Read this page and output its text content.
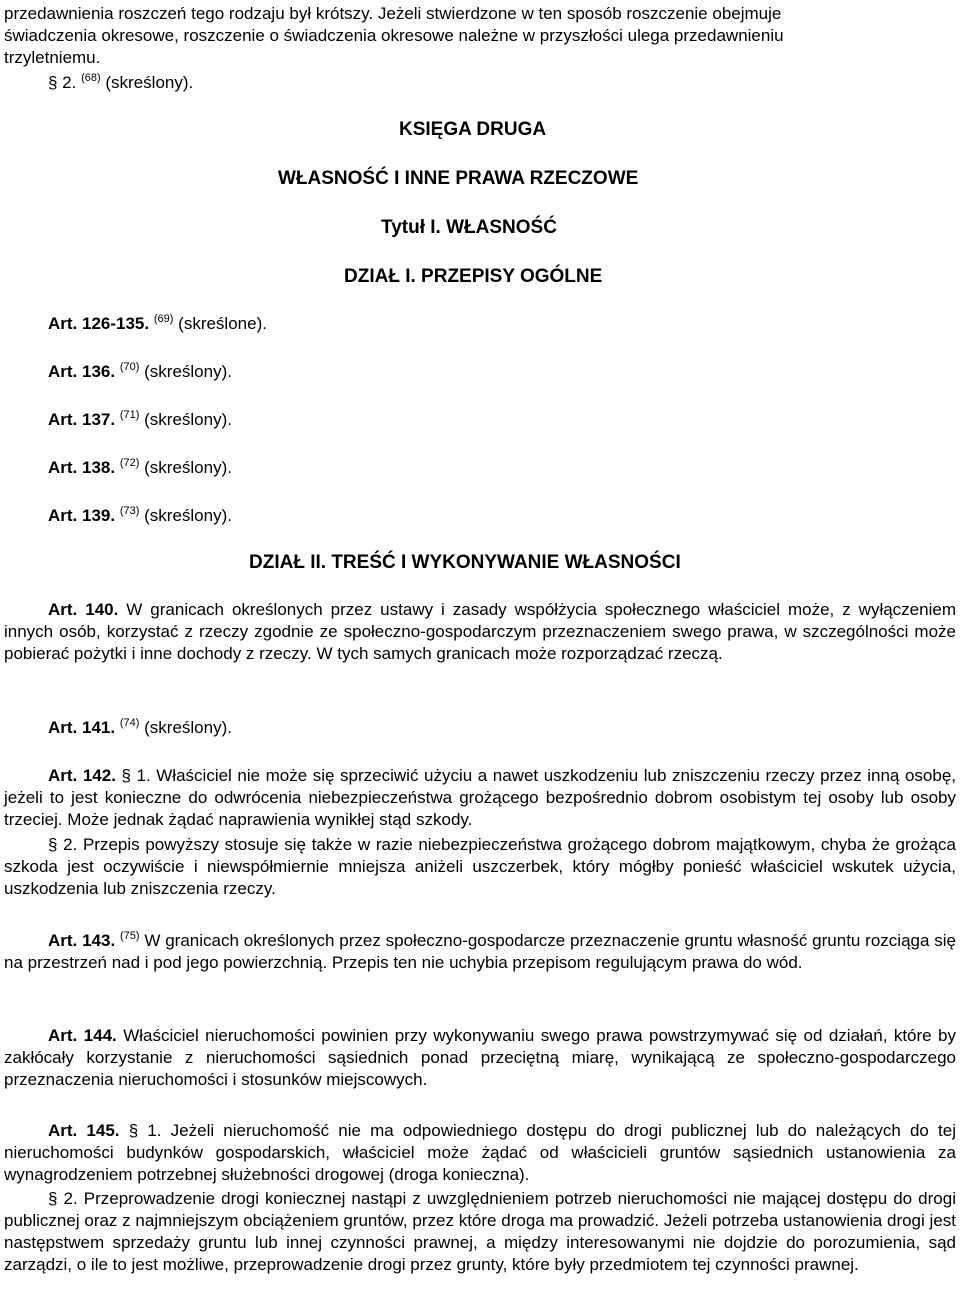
przedawnienia roszczeń tego rodzaju był krótszy. Jeżeli stwierdzone w ten sposób roszczenie obejmuje
świadczenia okresowe, roszczenie o świadczenia okresowe należne w przyszłości ulega przedawnieniu
trzyletniemu.
§ 2. $^{(68)}$ (skreślony).
KSIĘGA DRUGA
WŁASNOŚĆ I INNE PRAWA RZECZOWE
Tytuł I. WŁASNOŚĆ
DZIAŁ I. PRZEPISY OGÓLNE
Art. 126-135. $^{(69)}$ (skreślone).
Art. 136. $^{(70)}$ (skreślony).
Art. 137. $^{(71)}$ (skreślony).
Art. 138. $^{(72)}$ (skreślony).
Art. 139. $^{(73)}$ (skreślony).
DZIAŁ II. TREŚĆ I WYKONYWANIE WŁASNOŚCI
Art. 140. W granicach określonych przez ustawy i zasady współżycia społecznego właściciel może, z wyłączeniem innych osób, korzystać z rzeczy zgodnie ze społeczno-gospodarczym przeznaczeniem swego prawa, w szczególności może pobierać pożytki i inne dochody z rzeczy. W tych samych granicach może rozporządzać rzeczą.
Art. 141. $^{(74)}$ (skreślony).
Art. 142. § 1. Właściciel nie może się sprzeciwić użyciu a nawet uszkodzeniu lub zniszczeniu rzeczy przez inną osobę, jeżeli to jest konieczne do odwrócenia niebezpieczeństwa grożącego bezpośrednio dobrom osobistym tej osoby lub osoby trzeciej. Może jednak żądać naprawienia wynikłej stąd szkody.
§ 2. Przepis powyższy stosuje się także w razie niebezpieczeństwa grożącego dobrom majątkowym, chyba że grożąca szkoda jest oczywiście i niewspółmiernie mniejsza aniżeli uszczerbek, który mógłby ponieść właściciel wskutek użycia, uszkodzenia lub zniszczenia rzeczy.
Art. 143. $^{(75)}$ W granicach określonych przez społeczno-gospodarcze przeznaczenie gruntu własność gruntu rozciąga się na przestrzeń nad i pod jego powierzchnią. Przepis ten nie uchybia przepisom regulującym prawa do wód.
Art. 144. Właściciel nieruchomości powinien przy wykonywaniu swego prawa powstrzymywać się od działań, które by zakłócały korzystanie z nieruchomości sąsiednich ponad przeciętną miarę, wynikającą ze społeczno-gospodarczego przeznaczenia nieruchomości i stosunków miejscowych.
Art. 145. § 1. Jeżeli nieruchomość nie ma odpowiedniego dostępu do drogi publicznej lub do należących do tej nieruchomości budynków gospodarskich, właściciel może żądać od właścicieli gruntów sąsiednich ustanowienia za wynagrodzeniem potrzebnej służebności drogowej (droga konieczna).
§ 2. Przeprowadzenie drogi koniecznej nastąpi z uwzględnieniem potrzeb nieruchomości nie mającej dostępu do drogi publicznej oraz z najmniejszym obciążeniem gruntów, przez które droga ma prowadzić. Jeżeli potrzeba ustanowienia drogi jest następstwem sprzedaży gruntu lub innej czynności prawnej, a między interesowanymi nie dojdzie do porozumienia, sąd zarządzi, o ile to jest możliwe, przeprowadzenie drogi przez grunty, które były przedmiotem tej czynności prawnej.
